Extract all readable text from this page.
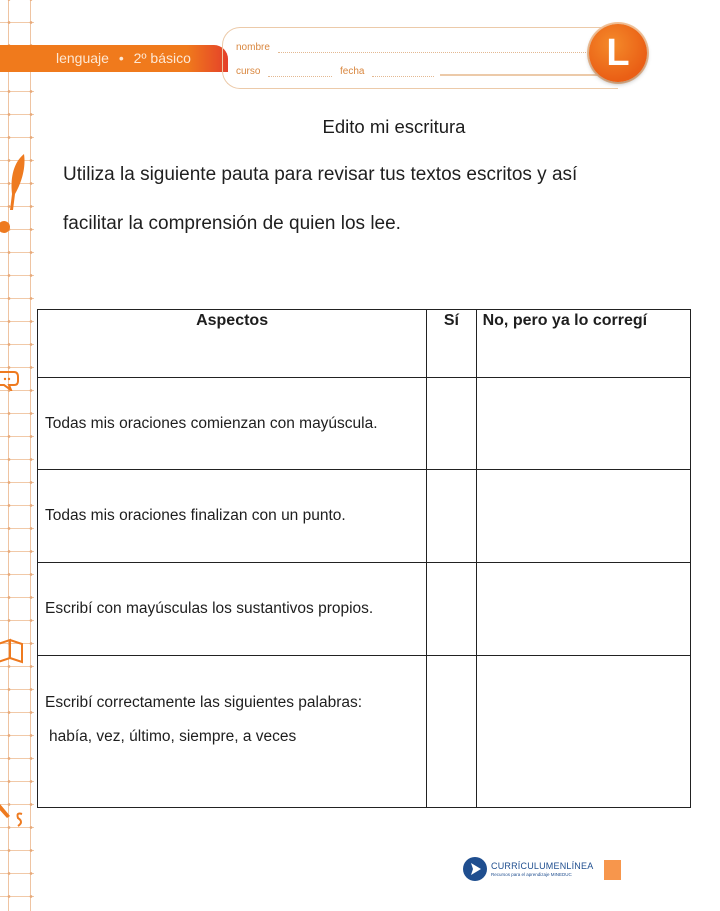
lenguaje • 2º básico
nombre
curso	fecha	L
Edito mi escritura
Utiliza la siguiente pauta para revisar tus textos escritos y así
facilitar la comprensión de quien los lee.
Aspectos	Sí	No, pero ya lo corregí
Todas mis oraciones comienzan con mayúscula.		
Todas mis oraciones finalizan con un punto.		
Escribí con mayúsculas los sustantivos propios.		
Escribí correctamente las siguientes palabras:
había, vez, último, siempre, a veces		

CURRÍCULUMENLÍNEA
Recursos para el aprendizaje MINEDUC
